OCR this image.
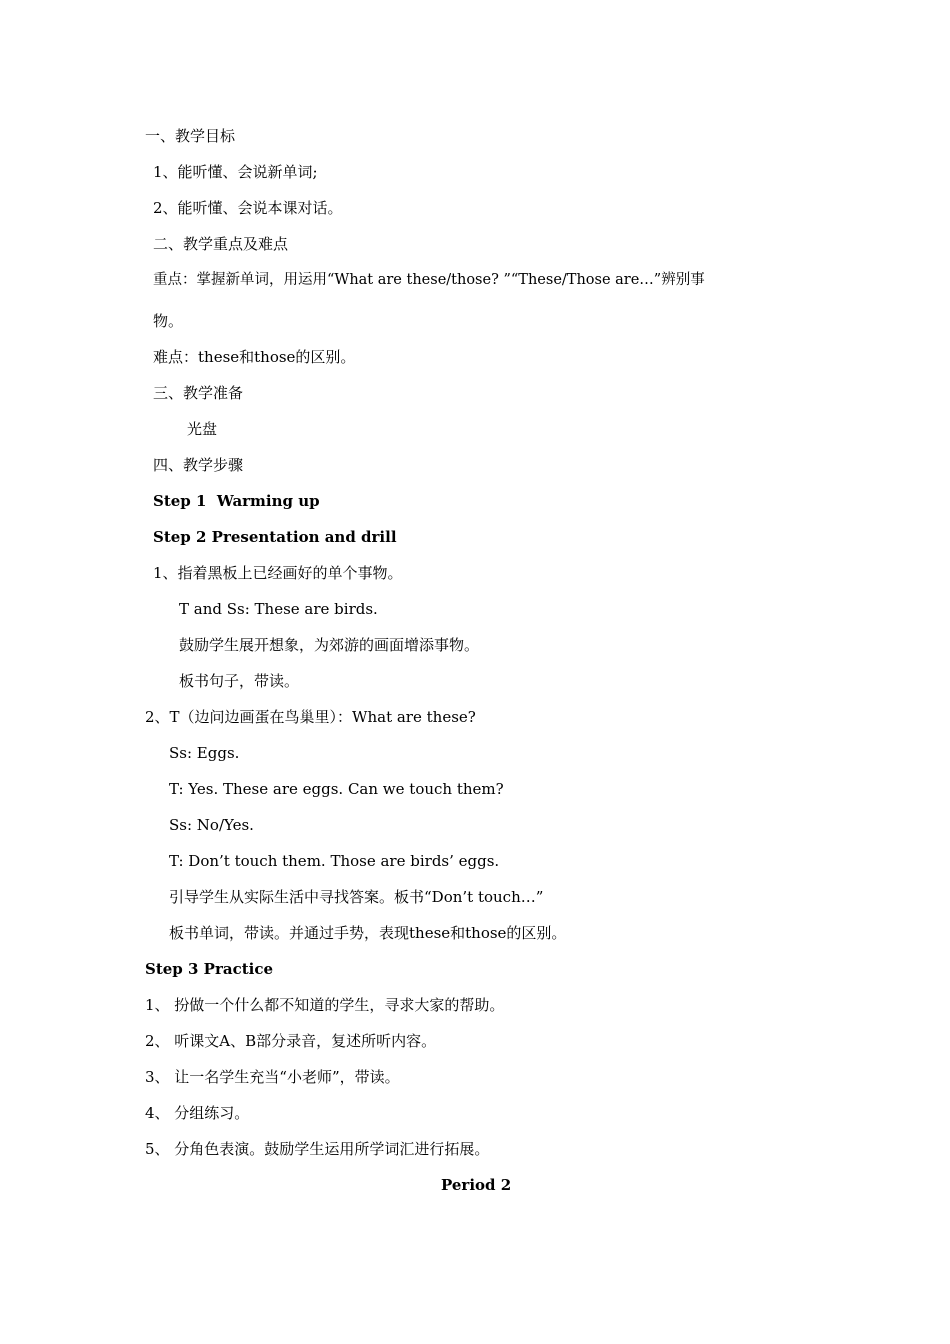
一、教学目标
1、能听懂、会说新单词;
2、能听懂、会说本课对话。
二、教学重点及难点
重点：掌握新单词，用运用“What are these/those? ”“These/Those are…”辨别事
物。
难点：these和those的区别。
三、教学准备
光盘
四、教学步骤
Step 1  Warming up
Step 2 Presentation and drill
1、指着黑板上已经画好的单个事物。
T and Ss: These are birds.
鼓励学生展开想象，为郊游的画面增添事物。
板书句子，带读。
2、T（边问边画蛋在鸟巢里）：What are these?
Ss: Eggs.
T: Yes. These are eggs. Can we touch them?
Ss: No/Yes.
T: Don’t touch them. Those are birds’ eggs.
引导学生从实际生活中寻找答案。板书“Don’t touch…”
板书单词，带读。并通过手势，表现these和those的区别。
Step 3 Practice
1、 扮做一个什么都不知道的学生，寻求大家的帮助。
2、 听课文A、B部分录音，复述所听内容。
3、 让一名学生充当“小老师”，带读。
4、 分组练习。
5、 分角色表演。鼓励学生运用所学词汇进行拓展。
Period 2
